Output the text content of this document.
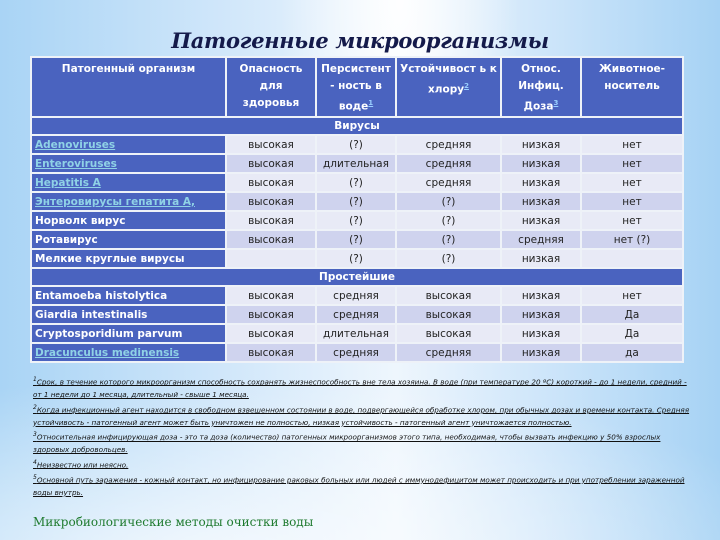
Патогенные микроорганизмы
Патогенный организм	Опасность для здоровья	Персистент - ность в воде$^1$	Устойчивост ь к хлору$^2$	Относ. Инфиц. Доза$^3$	Животное- носитель
Вирусы					
Adenoviruses	высокая	(?)	средняя	низкая	нет
Enteroviruses	высокая	длительная	средняя	низкая	нет
Hepatitis A	высокая	(?)	средняя	низкая	нет
Энтеровирусы гепатита А,	высокая	(?)	(?)	низкая	нет
Норволк вирус	высокая	(?)	(?)	низкая	нет
Ротавирус	высокая	(?)	(?)	средняя	нет (?)
Мелкие круглые вирусы		(?)	(?)	низкая	
Простейшие					
Entamoeba histolytica	высокая	средняя	высокая	низкая	нет
Giardia intestinalis	высокая	средняя	высокая	низкая	Да
Cryptosporidium parvum	высокая	длительная	высокая	низкая	Да
Dracunculus medinensis	высокая	средняя	средняя	низкая	да

$^1$Срок, в течение которого микроорганизм способность сохранять жизнеспособность вне тела хозяина. В воде (при температуре 20 ºC) короткий - до 1 недели, средний - от 1 недели до 1 месяца, длительный - свыше 1 месяца.

$^2$Когда инфекционный агент находится в свободном взвешенном состоянии в воде, подвергающейся обработке хлором, при обычных дозах и времени контакта. Средняя устойчивость - патогенный агент может быть уничтожен не полностью, низкая устойчивость - патогенный агент уничтожается полностью.

$^3$Относительная инфицирующая доза - это та доза (количество) патогенных микроорганизмов этого типа, необходимая, чтобы вызвать инфекцию у 50% взрослых здоровых добровольцев.

$^4$Неизвестно или неясно.

$^5$Основной путь заражения - кожный контакт, но инфицирование раковых больных или людей с иммунодефицитом может происходить и при употреблении зараженной воды внутрь.

Микробиологические методы очистки воды
